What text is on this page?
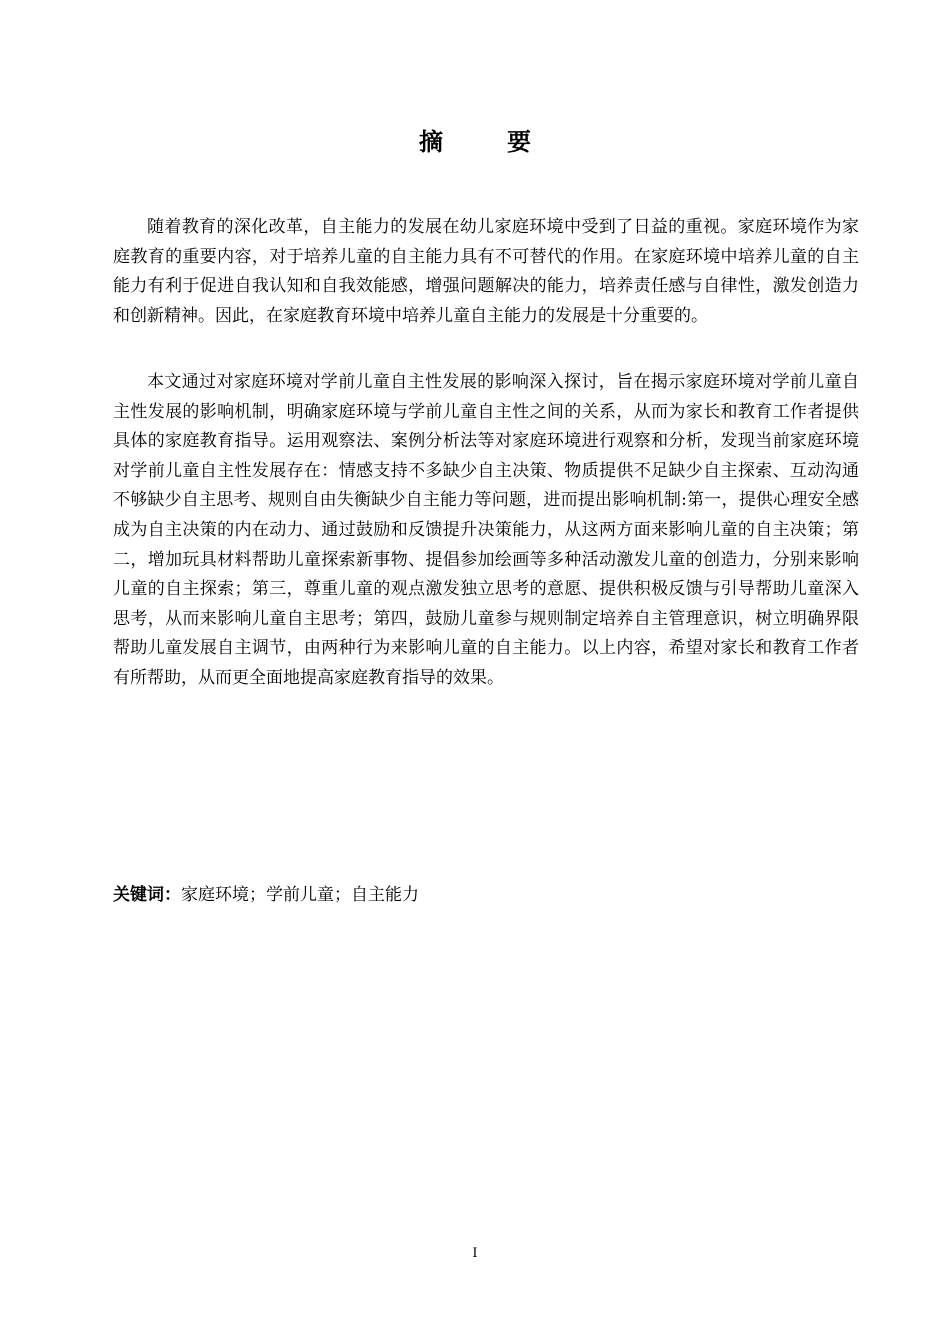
摘　要

随着教育的深化改革，自主能力的发展在幼儿家庭环境中受到了日益的重视。家庭环境作为家庭教育的重要内容，对于培养儿童的自主能力具有不可替代的作用。在家庭环境中培养儿童的自主能力有利于促进自我认知和自我效能感，增强问题解决的能力，培养责任感与自律性，激发创造力和创新精神。因此，在家庭教育环境中培养儿童自主能力的发展是十分重要的。

本文通过对家庭环境对学前儿童自主性发展的影响深入探讨，旨在揭示家庭环境对学前儿童自主性发展的影响机制，明确家庭环境与学前儿童自主性之间的关系，从而为家长和教育工作者提供具体的家庭教育指导。运用观察法、案例分析法等对家庭环境进行观察和分析，发现当前家庭环境对学前儿童自主性发展存在：情感支持不多缺少自主决策、物质提供不足缺少自主探索、互动沟通不够缺少自主思考、规则自由失衡缺少自主能力等问题，进而提出影响机制:第一，提供心理安全感成为自主决策的内在动力、通过鼓励和反馈提升决策能力，从这两方面来影响儿童的自主决策；第二，增加玩具材料帮助儿童探索新事物、提倡参加绘画等多种活动激发儿童的创造力，分别来影响儿童的自主探索；第三，尊重儿童的观点激发独立思考的意愿、提供积极反馈与引导帮助儿童深入思考，从而来影响儿童自主思考；第四，鼓励儿童参与规则制定培养自主管理意识，树立明确界限帮助儿童发展自主调节，由两种行为来影响儿童的自主能力。以上内容，希望对家长和教育工作者有所帮助，从而更全面地提高家庭教育指导的效果。

关键词：家庭环境；学前儿童；自主能力
I
